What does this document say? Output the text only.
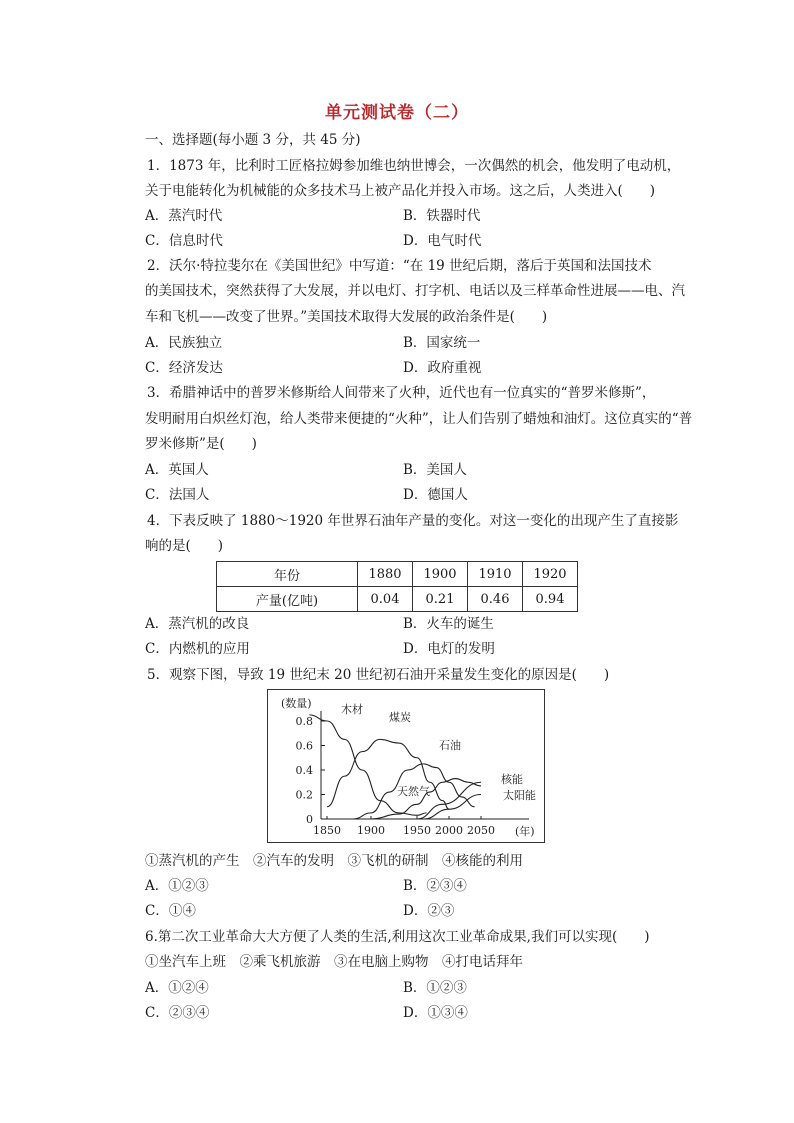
单元测试卷（二）
一、选择题(每小题 3 分，共 45 分)
1．1873 年，比利时工匠格拉姆参加维也纳世博会，一次偶然的机会，他发明了电动机，
关于电能转化为机械能的众多技术马上被产品化并投入市场。这之后，人类进入(　　)
A．蒸汽时代	B．铁器时代
C．信息时代	D．电气时代
2．沃尔·特拉斐尔在《美国世纪》中写道：“在 19 世纪后期，落后于英国和法国技术
的美国技术，突然获得了大发展，并以电灯、打字机、电话以及三样革命性进展——电、汽
车和飞机——改变了世界。”美国技术取得大发展的政治条件是(　　)
A．民族独立	B．国家统一
C．经济发达	D．政府重视
3．希腊神话中的普罗米修斯给人间带来了火种，近代也有一位真实的“普罗米修斯”，
发明耐用白炽丝灯泡，给人类带来便捷的“火种”，让人们告别了蜡烛和油灯。这位真实的“普
罗米修斯”是(　　)
A．英国人	B．美国人
C．法国人	D．德国人
4．下表反映了 1880～1920 年世界石油年产量的变化。对这一变化的出现产生了直接影
响的是(　　)
年份	1880	1900	1910	1920
产量(亿吨)	0.04	0.21	0.46	0.94
A．蒸汽机的改良	B．火车的诞生
C．内燃机的应用	D．电灯的发明
5．观察下图，导致 19 世纪末 20 世纪初石油开采量发生变化的原因是(　　)
(数量)
(年)
0.8
0.6
0.4
0.2
0
1850 1900 1950 2000 2050
木材
煤炭
石油
天然气
核能
太阳能
①蒸汽机的产生　②汽车的发明　③飞机的研制　④核能的利用
A．①②③	B．②③④
C．①④	D．②③
6.第二次工业革命大大方便了人类的生活,利用这次工业革命成果,我们可以实现(　　)
①坐汽车上班　②乘飞机旅游　③在电脑上购物　④打电话拜年
A．①②④	B．①②③
C．②③④	D．①③④
